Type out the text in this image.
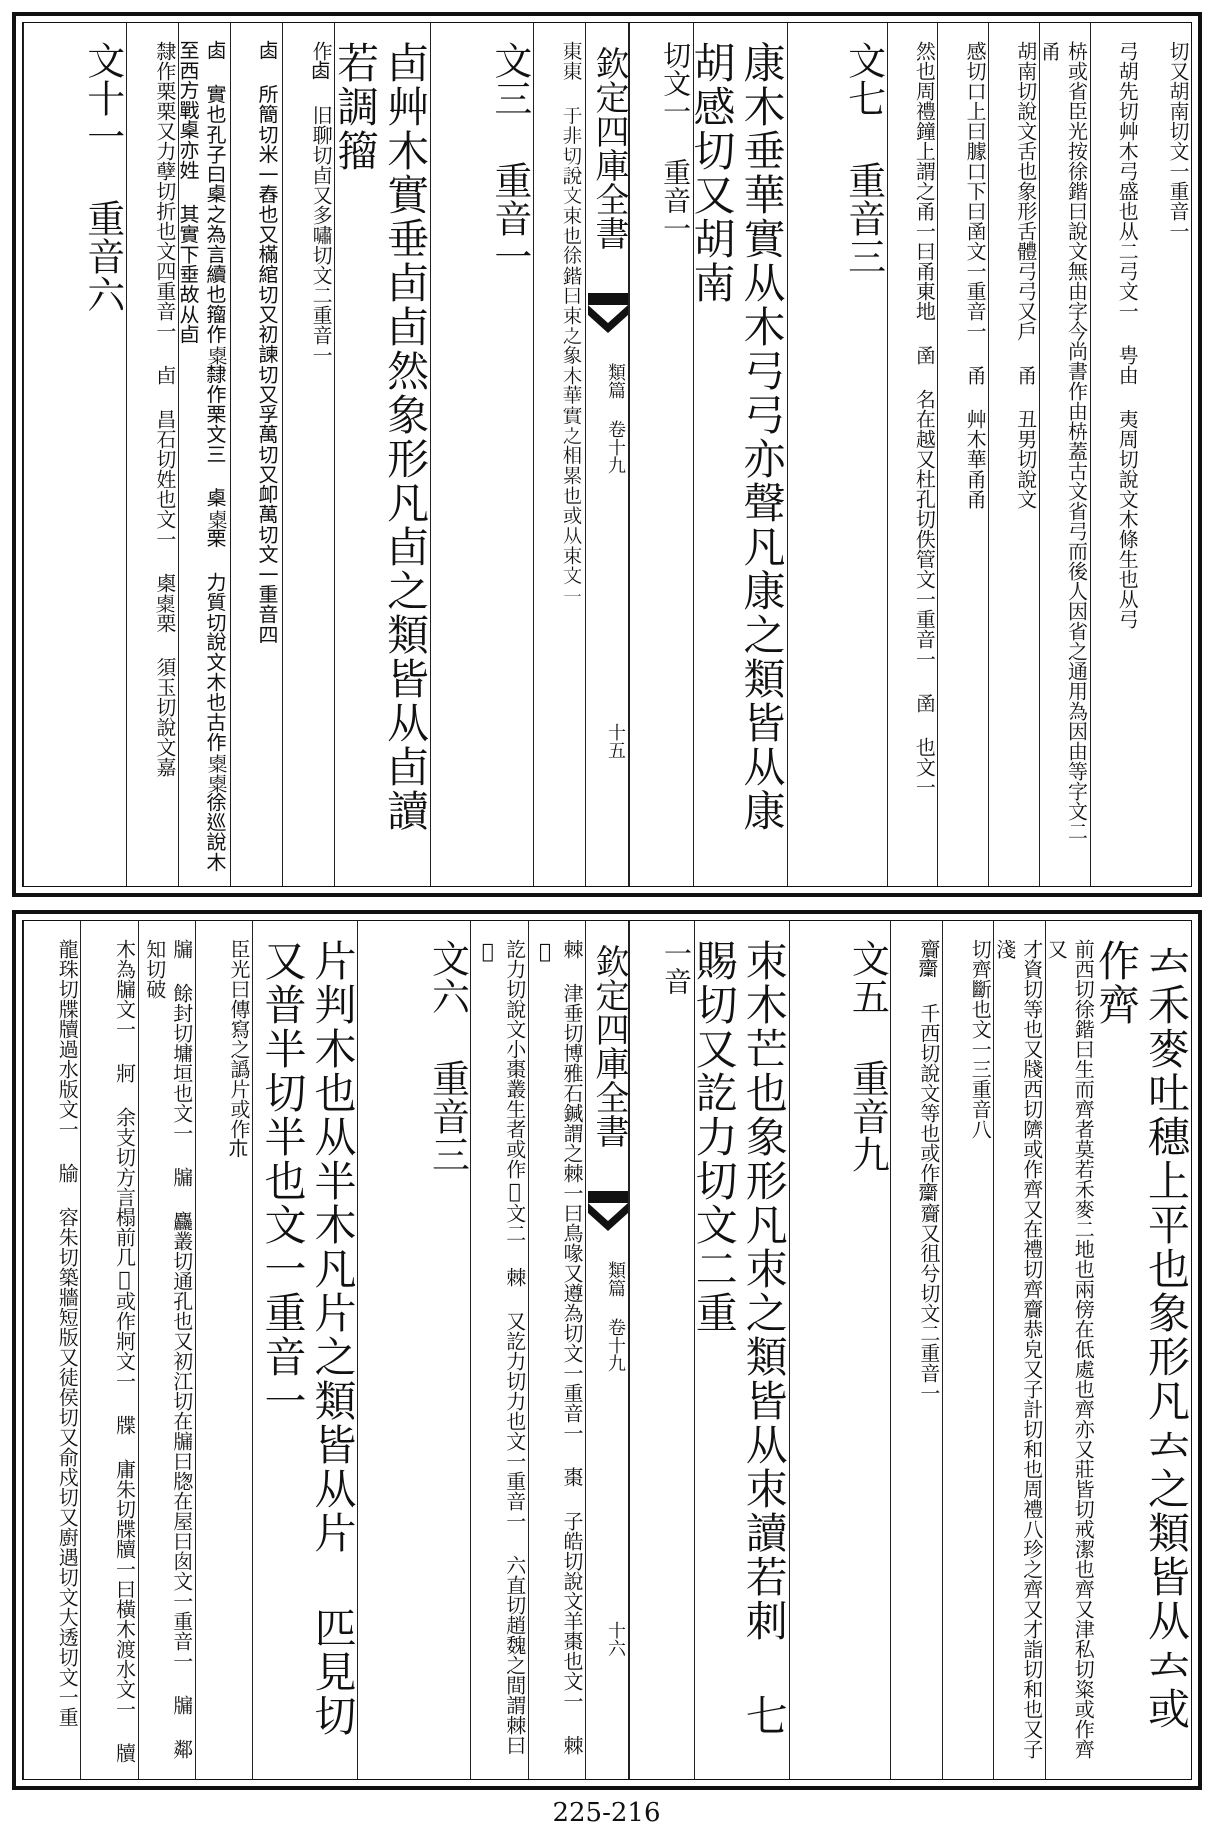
切又胡南切文一重音一
弓胡先切艸木弓盛也从二弓文一 甹由 夷周切說文木條生也从弓
枿或省臣光按徐鍇曰說文無由字今尚書作由枿蓋古文省弓而後人因省之通用為因由等字文二 甬
胡南切說文舌也象形舌體弓弓又戶 甬 丑男切說文
感切口上曰臄口下曰圅文一重音一 甬 艸木華甬甬
然也周禮鐘上謂之甬一曰甬東地 圅 名在越又杜孔切佚管文一重音一 圅 也文一
文七 重音三
康木垂華實从木弓弓亦聲凡康之類皆从康 胡感切又胡南
切文一 重音一
𣐺𣐺 于非切說文束也徐鍇曰束之象木華實之相累也或从束文一
文三 重音一
卣艸木實垂卣卣然象形凡卣之類皆从卣讀若調籀
作𠧪 旧聊切卣又多嘯切文二重音一
𠧪 所簡切米一舂也又樠綰切又初諫切又孚萬切又卹萬切文一重音四
𠧪 實也孔子曰㮚之為言續也籀作𥻆隸作栗文三 㮚𥻆栗 力質切說文木也古作𥻆𥻆徐巡說木至西方戰㮚亦姓 其實下垂故从卣
隸作栗栗又力孽切折也文四重音一 卣 昌石切姓也文一 㮚𥻆栗 須玉切說文嘉
文十一 重音六	欽定四庫全書
類篇 卷十九
十五
𠫓禾麥吐穗上平也象形凡𠫓之類皆从𠫓或作齊
前西切徐鍇曰生而齊者莫若禾麥二地也兩傍在低處也齊亦又莊皆切戒潔也齊又津私切粢或作齊又
才資切等也又牋西切隮或作齊又在禮切齊齎恭皃又子計切和也周禮八珍之齊又才詣切和也又子淺
切齊斷也文一三重音八
齎𪗉 千西切說文等也或作𪗉齎又徂兮切文二重音一
文五 重音九
朿木芒也象形凡朿之類皆从朿讀若刺 七賜切又訖力切文二重
一音
棘 津垂切博雅石鍼謂之棘一曰鳥喙又遵為切文一重音一 棗 子皓切說文羊棗也文一 棘𣗥
訖力切說文小棗叢生者或作𣗥文二 棘 又訖力切力也文一重音一 六直切趙魏之間謂棘曰𣗥
文六 重音三
片判木也从半木凡片之類皆从片 匹見切又普半切半也文一重音一
臣光曰傳寫之譌片或作𣎳
牖 餘封切墉垣也文一 牖 麤叢切通孔也又初江切在牖曰牎在屋曰囱文一重音一 牖 鄰知切破
木為牖文一 牁 余支切方言榻前几𣎬或作牁文一 牒 庸朱切牒牘一曰橫木渡水文一 牘
龍珠切牒牘過水版文一 牏 容朱切築牆短版又徒侯切又俞戍切又廚遇切文大透切文一重	欽定四庫全書
類篇 卷十九
十六
225-216
